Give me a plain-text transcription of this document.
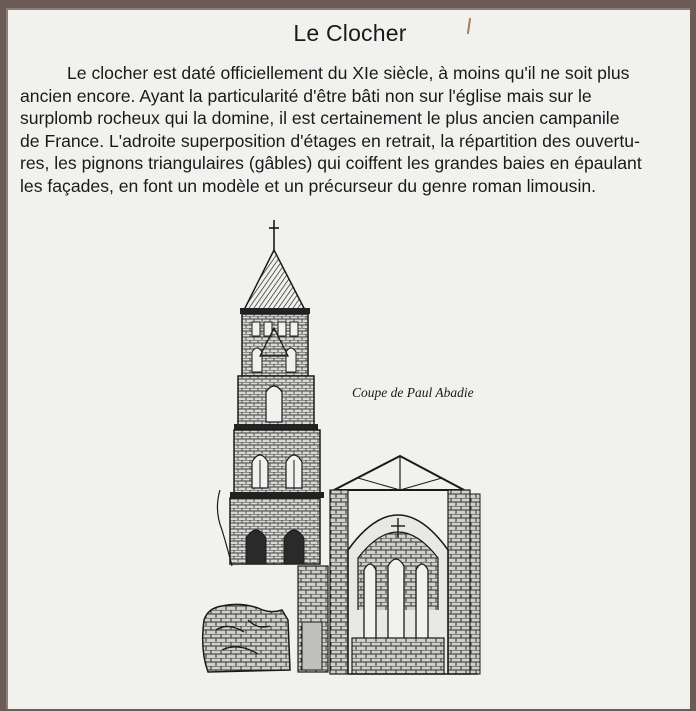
Le Clocher

Le clocher est daté officiellement du XIe siècle, à moins qu'il ne soit plus
ancien encore. Ayant la particularité d'être bâti non sur l'église mais sur le
surplomb rocheux qui la domine, il est certainement le plus ancien campanile
de France. L'adroite superposition d'étages en retrait, la répartition des ouvertu-
res, les pignons triangulaires (gâbles) qui coiffent les grandes baies en épaulant
les façades, en font un modèle et un précurseur du genre roman limousin.

Coupe de Paul Abadie
